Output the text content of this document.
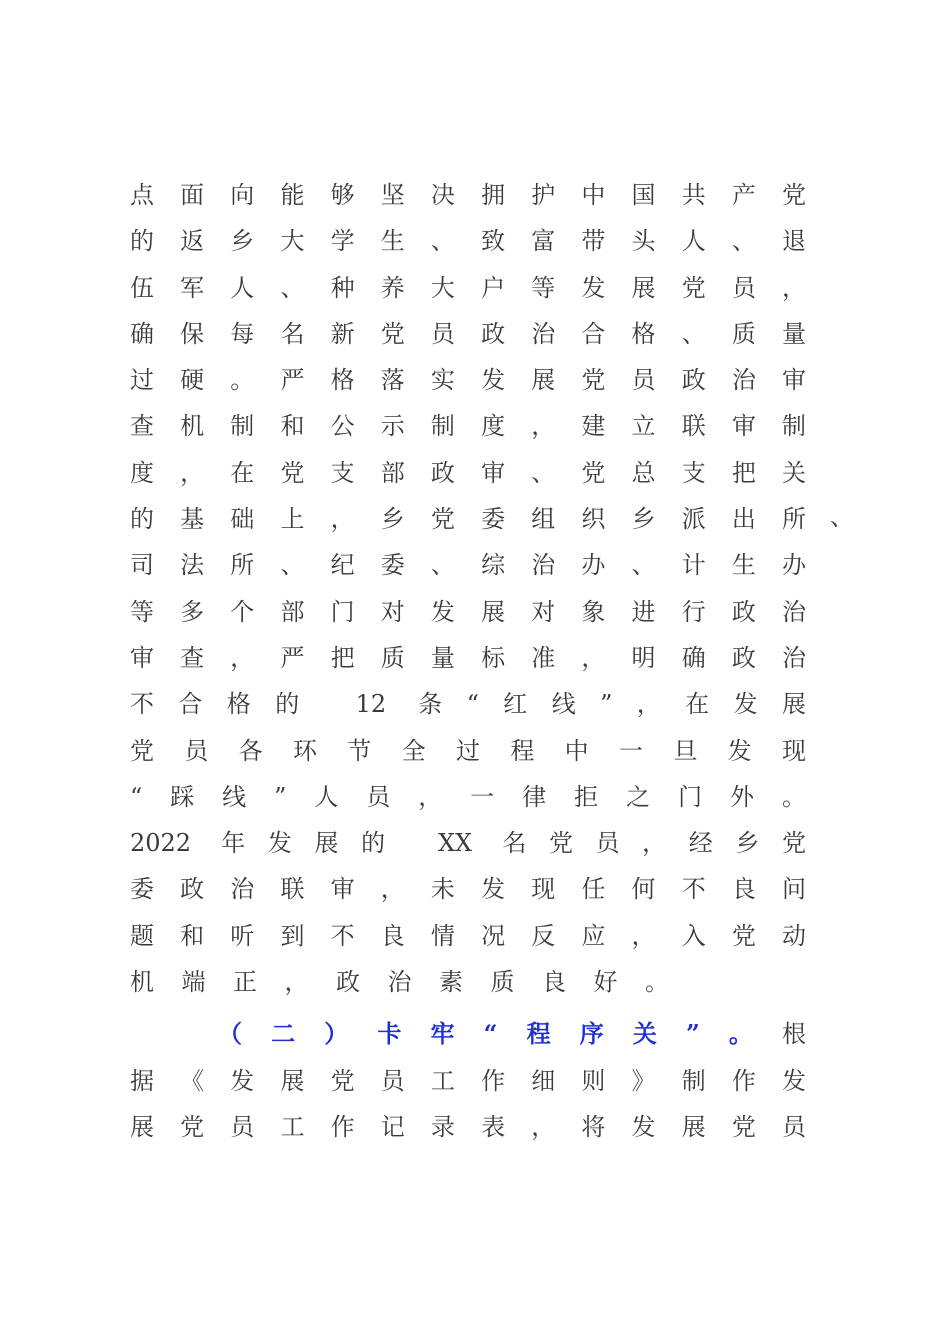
点面向能够坚决拥护中国共产党
的返乡大学生、致富带头人、退
伍军人、种养大户等发展党员，
确保每名新党员政治合格、质量
过硬。严格落实发展党员政治审
查机制和公示制度，建立联审制
度，在党支部政审、党总支把关
的基础上，乡党委组织乡派出所
司法所、纪委、综治办、计生办
等多个部门对发展对象进行政治
审查，严把质量标准，明确政治
不合格的 12 条“红线”，在发展
党员各环节全过程中一旦发现
“踩线”人员，一律拒之门外。
2022 年发展的 XX 名党员，经乡党
委政治联审，未发现任何不良问
题和听到不良情况反应，入党动
机端正，政治素质良好。
（二）卡牢“程序关”。根
据《发展党员工作细则》制作发
展党员工作记录表，将发展党员
、
